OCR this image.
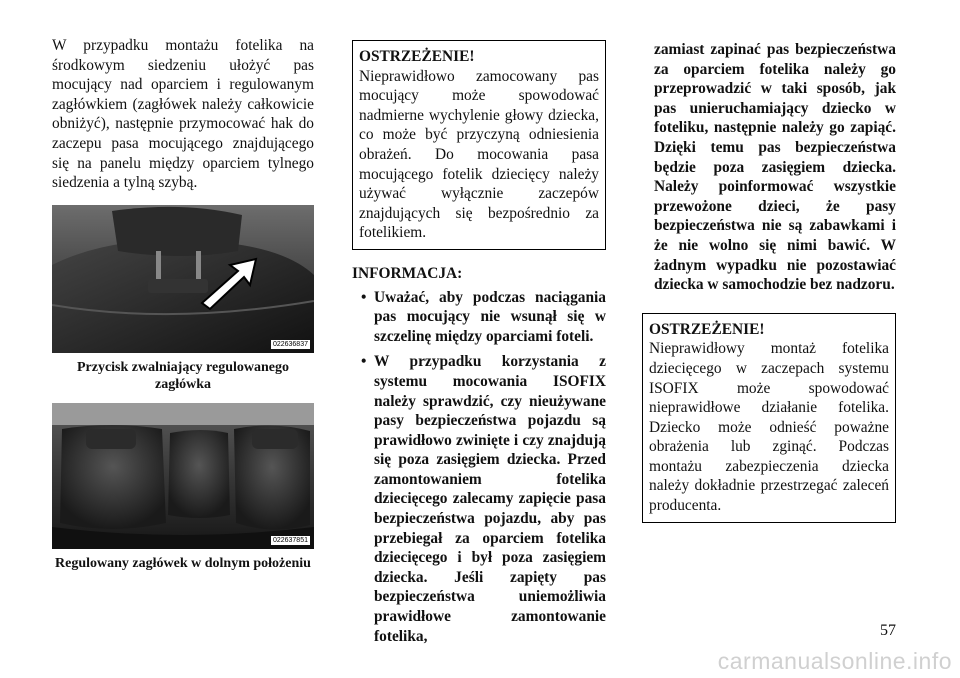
W przypadku montażu fotelika na środkowym siedzeniu ułożyć pas mocujący nad oparciem i regulowanym zagłówkiem (zagłówek należy całkowicie obniżyć), następnie przymocować hak do zaczepu pasa mocującego znajdującego się na panelu między oparciem tylnego siedzenia a tylną szybą.
022636837
Przycisk zwalniający regulowanego zagłówka
022637851
Regulowany zagłówek w dolnym położeniu
OSTRZEŻENIE!
Nieprawidłowo zamocowany pas mocujący może spowodować nadmierne wychylenie głowy dziecka, co może być przyczyną odniesienia obrażeń. Do mocowania pasa mocującego fotelik dziecięcy należy używać wyłącznie zaczepów znajdujących się bezpośrednio za fotelikiem.
INFORMACJA:
• Uważać, aby podczas naciągania pas mocujący nie wsunął się w szczelinę między oparciami foteli.
• W przypadku korzystania z systemu mocowania ISOFIX należy sprawdzić, czy nieużywane pasy bezpieczeństwa pojazdu są prawidłowo zwinięte i czy znajdują się poza zasięgiem dziecka. Przed zamontowaniem fotelika dziecięcego zalecamy zapięcie pasa bezpieczeństwa pojazdu, aby pas przebiegał za oparciem fotelika dziecięcego i był poza zasięgiem dziecka. Jeśli zapięty pas bezpieczeństwa uniemożliwia prawidłowe zamontowanie fotelika,
zamiast zapinać pas bezpieczeństwa za oparciem fotelika należy go przeprowadzić w taki sposób, jak pas unieruchamiający dziecko w foteliku, następnie należy go zapiąć. Dzięki temu pas bezpieczeństwa będzie poza zasięgiem dziecka. Należy poinformować wszystkie przewożone dzieci, że pasy bezpieczeństwa nie są zabawkami i że nie wolno się nimi bawić. W żadnym wypadku nie pozostawiać dziecka w samochodzie bez nadzoru.
OSTRZEŻENIE!
Nieprawidłowy montaż fotelika dziecięcego w zaczepach systemu ISOFIX może spowodować nieprawidłowe działanie fotelika. Dziecko może odnieść poważne obrażenia lub zginąć. Podczas montażu zabezpieczenia dziecka należy dokładnie przestrzegać zaleceń producenta.
57
carmanualsonline.info
